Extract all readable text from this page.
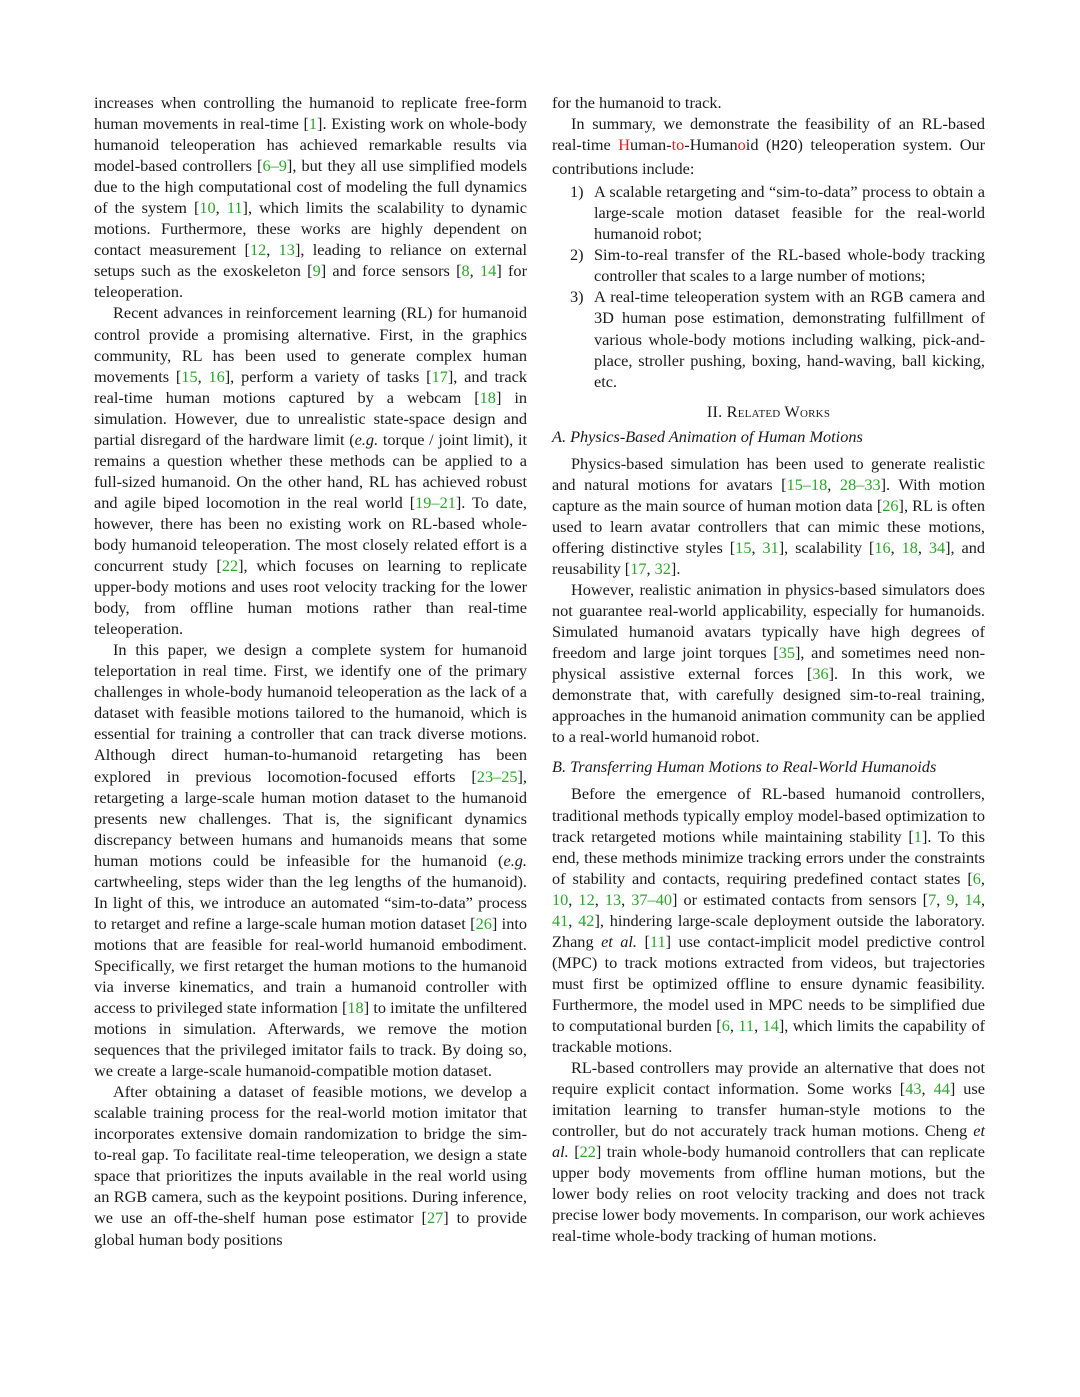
increases when controlling the humanoid to replicate free-form human movements in real-time [1]. Existing work on whole-body humanoid teleoperation has achieved remarkable results via model-based controllers [6–9], but they all use simplified models due to the high computational cost of modeling the full dynamics of the system [10, 11], which limits the scalability to dynamic motions. Furthermore, these works are highly dependent on contact measurement [12, 13], leading to reliance on external setups such as the exoskeleton [9] and force sensors [8, 14] for teleoperation.

Recent advances in reinforcement learning (RL) for humanoid control provide a promising alternative. First, in the graphics community, RL has been used to generate complex human movements [15, 16], perform a variety of tasks [17], and track real-time human motions captured by a webcam [18] in simulation. However, due to unrealistic state-space design and partial disregard of the hardware limit (e.g. torque / joint limit), it remains a question whether these methods can be applied to a full-sized humanoid. On the other hand, RL has achieved robust and agile biped locomotion in the real world [19–21]. To date, however, there has been no existing work on RL-based whole-body humanoid teleoperation. The most closely related effort is a concurrent study [22], which focuses on learning to replicate upper-body motions and uses root velocity tracking for the lower body, from offline human motions rather than real-time teleoperation.

In this paper, we design a complete system for humanoid teleportation in real time. First, we identify one of the primary challenges in whole-body humanoid teleoperation as the lack of a dataset with feasible motions tailored to the humanoid, which is essential for training a controller that can track diverse motions. Although direct human-to-humanoid retargeting has been explored in previous locomotion-focused efforts [23–25], retargeting a large-scale human motion dataset to the humanoid presents new challenges. That is, the significant dynamics discrepancy between humans and humanoids means that some human motions could be infeasible for the humanoid (e.g. cartwheeling, steps wider than the leg lengths of the humanoid). In light of this, we introduce an automated “sim-to-data” process to retarget and refine a large-scale human motion dataset [26] into motions that are feasible for real-world humanoid embodiment. Specifically, we first retarget the human motions to the humanoid via inverse kinematics, and train a humanoid controller with access to privileged state information [18] to imitate the unfiltered motions in simulation. Afterwards, we remove the motion sequences that the privileged imitator fails to track. By doing so, we create a large-scale humanoid-compatible motion dataset.

After obtaining a dataset of feasible motions, we develop a scalable training process for the real-world motion imitator that incorporates extensive domain randomization to bridge the sim-to-real gap. To facilitate real-time teleoperation, we design a state space that prioritizes the inputs available in the real world using an RGB camera, such as the keypoint positions. During inference, we use an off-the-shelf human pose estimator [27] to provide global human body positions

for the humanoid to track.

In summary, we demonstrate the feasibility of an RL-based real-time Human-to-Humanoid (H2O) teleoperation system. Our contributions include:

1) A scalable retargeting and “sim-to-data” process to obtain a large-scale motion dataset feasible for the real-world humanoid robot;
2) Sim-to-real transfer of the RL-based whole-body tracking controller that scales to a large number of motions;
3) A real-time teleoperation system with an RGB camera and 3D human pose estimation, demonstrating fulfillment of various whole-body motions including walking, pick-and-place, stroller pushing, boxing, hand-waving, ball kicking, etc.
II. Related Works
A. Physics-Based Animation of Human Motions

Physics-based simulation has been used to generate realistic and natural motions for avatars [15–18, 28–33]. With motion capture as the main source of human motion data [26], RL is often used to learn avatar controllers that can mimic these motions, offering distinctive styles [15, 31], scalability [16, 18, 34], and reusability [17, 32].

However, realistic animation in physics-based simulators does not guarantee real-world applicability, especially for humanoids. Simulated humanoid avatars typically have high degrees of freedom and large joint torques [35], and sometimes need non-physical assistive external forces [36]. In this work, we demonstrate that, with carefully designed sim-to-real training, approaches in the humanoid animation community can be applied to a real-world humanoid robot.

B. Transferring Human Motions to Real-World Humanoids

Before the emergence of RL-based humanoid controllers, traditional methods typically employ model-based optimization to track retargeted motions while maintaining stability [1]. To this end, these methods minimize tracking errors under the constraints of stability and contacts, requiring predefined contact states [6, 10, 12, 13, 37–40] or estimated contacts from sensors [7, 9, 14, 41, 42], hindering large-scale deployment outside the laboratory. Zhang et al. [11] use contact-implicit model predictive control (MPC) to track motions extracted from videos, but trajectories must first be optimized offline to ensure dynamic feasibility. Furthermore, the model used in MPC needs to be simplified due to computational burden [6, 11, 14], which limits the capability of trackable motions.

RL-based controllers may provide an alternative that does not require explicit contact information. Some works [43, 44] use imitation learning to transfer human-style motions to the controller, but do not accurately track human motions. Cheng et al. [22] train whole-body humanoid controllers that can replicate upper body movements from offline human motions, but the lower body relies on root velocity tracking and does not track precise lower body movements. In comparison, our work achieves real-time whole-body tracking of human motions.
